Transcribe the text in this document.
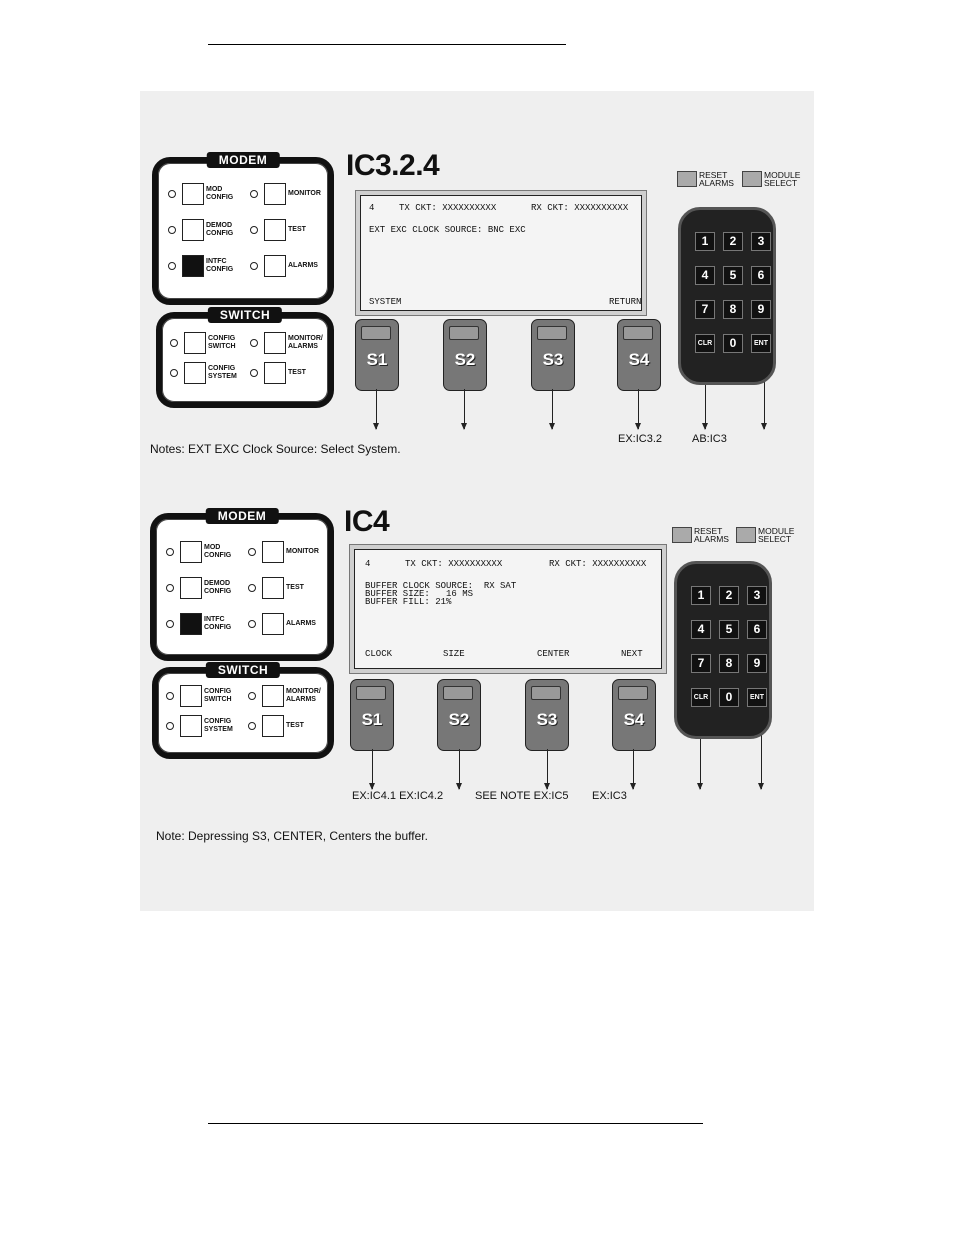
MODEM
MOD
CONFIG
MONITOR
DEMOD
CONFIG
TEST
INTFC
CONFIG
ALARMS
SWITCH
CONFIG
SWITCH
MONITOR/
ALARMS
CONFIG
SYSTEM
TEST
IC3.2.4
4	TX CKT: XXXXXXXXXX	RX CKT: XXXXXXXXXX
EXT EXC CLOCK SOURCE: BNC EXC
SYSTEM	RETURN
S1	S2	S3	S4
EX:IC3.2	AB:IC3
RESET
ALARMS
MODULE
SELECT
1	2	3
4	5	6
7	8	9
CLR	0	ENT
Notes: EXT EXC Clock Source: Select System.
MODEM
MOD
CONFIG
MONITOR
DEMOD
CONFIG
TEST
INTFC
CONFIG
ALARMS
SWITCH
CONFIG
SWITCH
MONITOR/
ALARMS
CONFIG
SYSTEM
TEST
IC4
4	TX CKT: XXXXXXXXXX	RX CKT: XXXXXXXXXX
BUFFER CLOCK SOURCE:  RX SAT
BUFFER SIZE:   16 MS
BUFFER FILL: 21%
CLOCK	SIZE	CENTER	NEXT
S1	S2	S3	S4
EX:IC4.1 EX:IC4.2	SEE NOTE EX:IC5 EX:IC3
RESET
ALARMS
MODULE
SELECT
1	2	3
4	5	6
7	8	9
CLR	0	ENT
Note: Depressing S3, CENTER, Centers the buffer.
